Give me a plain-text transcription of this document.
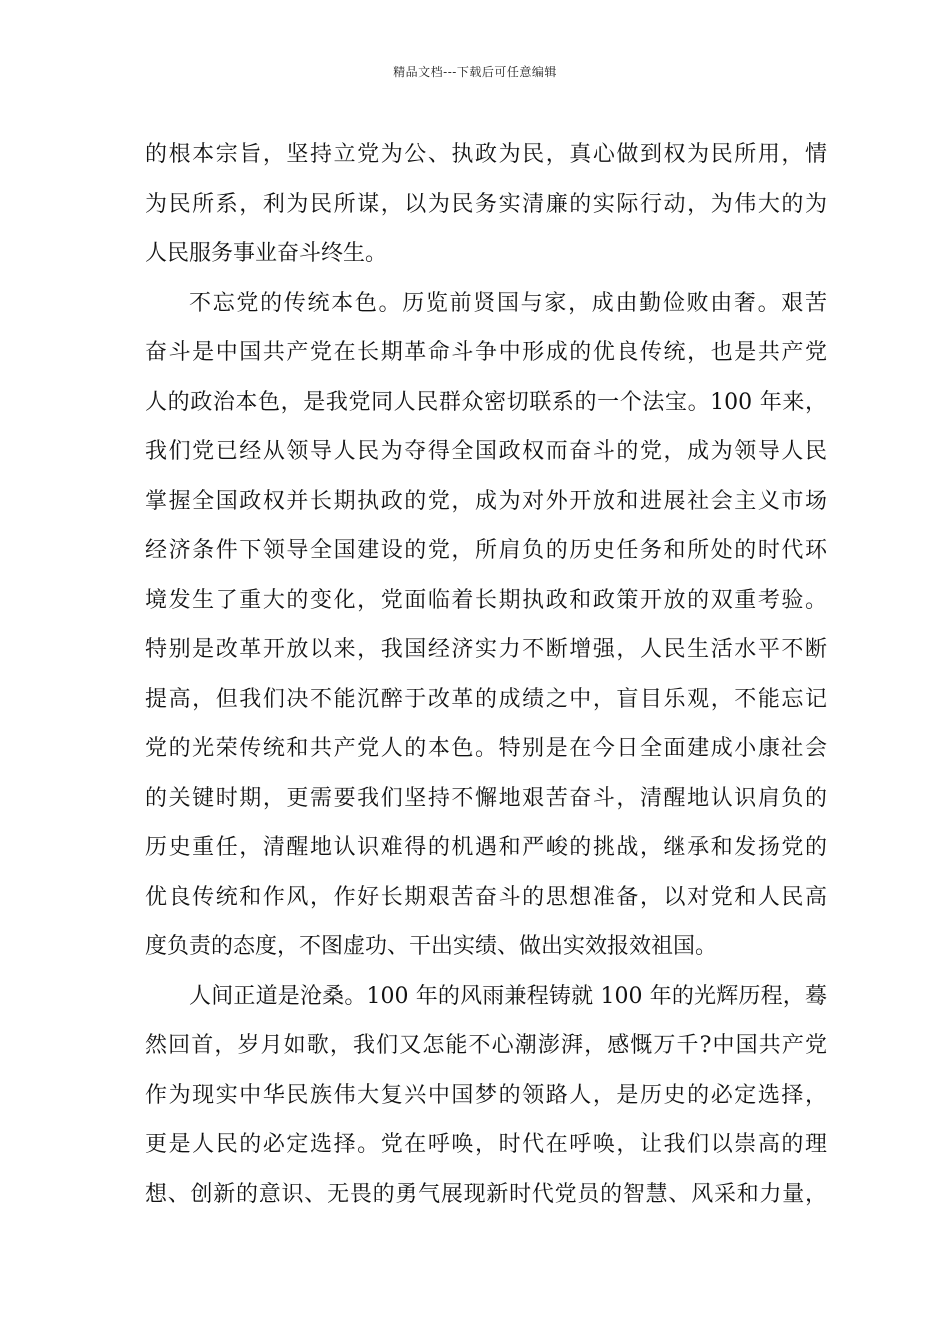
精品文档---下载后可任意编辑
的根本宗旨，坚持立党为公、执政为民，真心做到权为民所用，情
为民所系，利为民所谋，以为民务实清廉的实际行动，为伟大的为
人民服务事业奋斗终生。
不忘党的传统本色。历览前贤国与家，成由勤俭败由奢。艰苦
奋斗是中国共产党在长期革命斗争中形成的优良传统，也是共产党
人的政治本色，是我党同人民群众密切联系的一个法宝。100 年来，
我们党已经从领导人民为夺得全国政权而奋斗的党，成为领导人民
掌握全国政权并长期执政的党，成为对外开放和进展社会主义市场
经济条件下领导全国建设的党，所肩负的历史任务和所处的时代环
境发生了重大的变化，党面临着长期执政和政策开放的双重考验。
特别是改革开放以来，我国经济实力不断增强，人民生活水平不断
提高，但我们决不能沉醉于改革的成绩之中，盲目乐观，不能忘记
党的光荣传统和共产党人的本色。特别是在今日全面建成小康社会
的关键时期，更需要我们坚持不懈地艰苦奋斗，清醒地认识肩负的
历史重任，清醒地认识难得的机遇和严峻的挑战，继承和发扬党的
优良传统和作风，作好长期艰苦奋斗的思想准备，以对党和人民高
度负责的态度，不图虚功、干出实绩、做出实效报效祖国。
人间正道是沧桑。100 年的风雨兼程铸就 100 年的光辉历程，蓦
然回首，岁月如歌，我们又怎能不心潮澎湃，感慨万千?中国共产党
作为现实中华民族伟大复兴中国梦的领路人，是历史的必定选择，
更是人民的必定选择。党在呼唤，时代在呼唤，让我们以崇高的理
想、创新的意识、无畏的勇气展现新时代党员的智慧、风采和力量，
